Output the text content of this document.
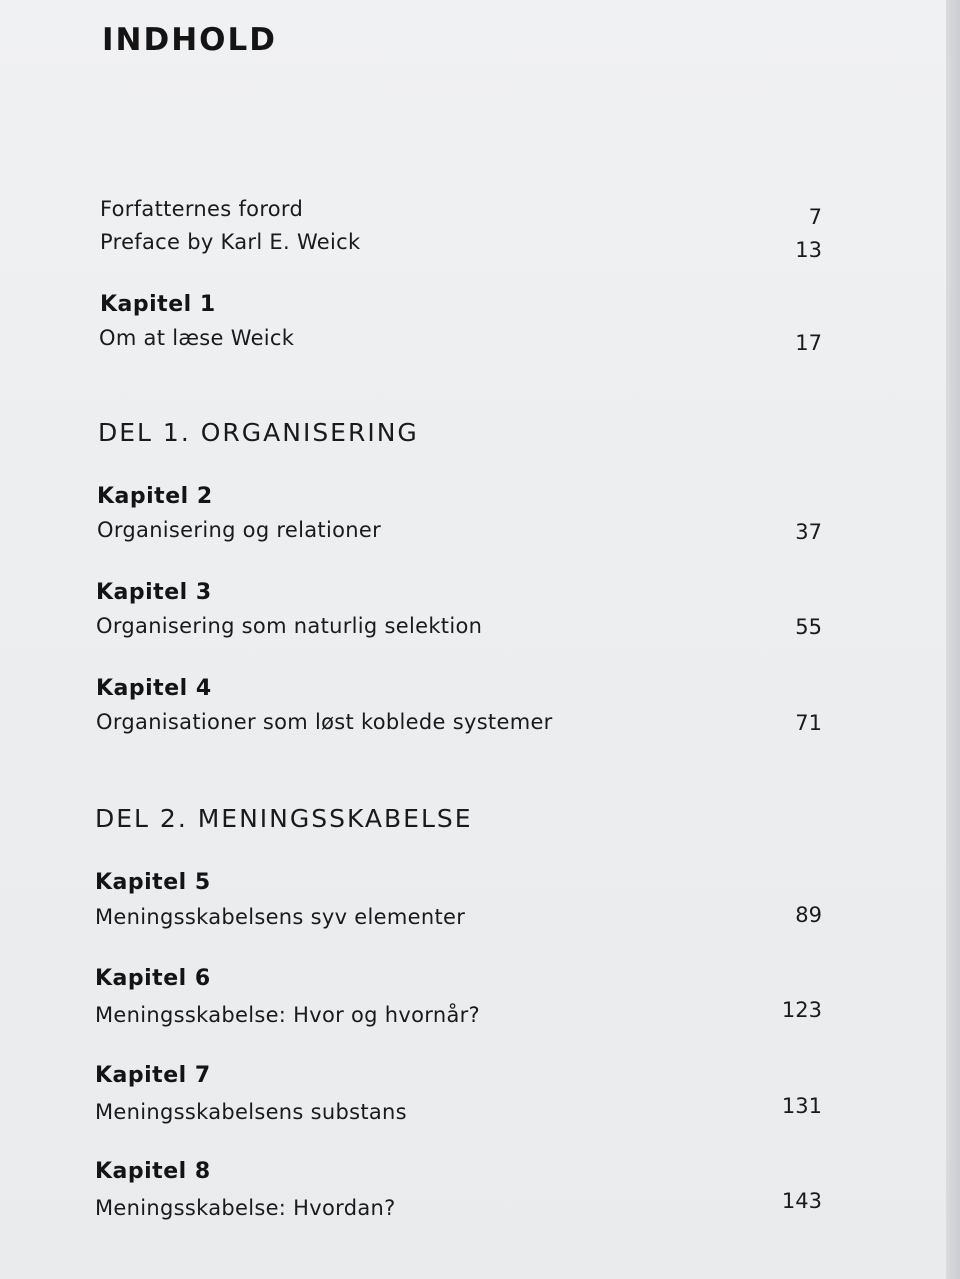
INDHOLD
Forfatternes forord	7
Preface by Karl E. Weick	13
Kapitel 1
Om at læse Weick	17
DEL 1. ORGANISERING
Kapitel 2
Organisering og relationer	37
Kapitel 3
Organisering som naturlig selektion	55
Kapitel 4
Organisationer som løst koblede systemer	71
DEL 2. MENINGSSKABELSE
Kapitel 5
Meningsskabelsens syv elementer	89
Kapitel 6
Meningsskabelse: Hvor og hvornår?	123
Kapitel 7
Meningsskabelsens substans	131
Kapitel 8
Meningsskabelse: Hvordan?	143
